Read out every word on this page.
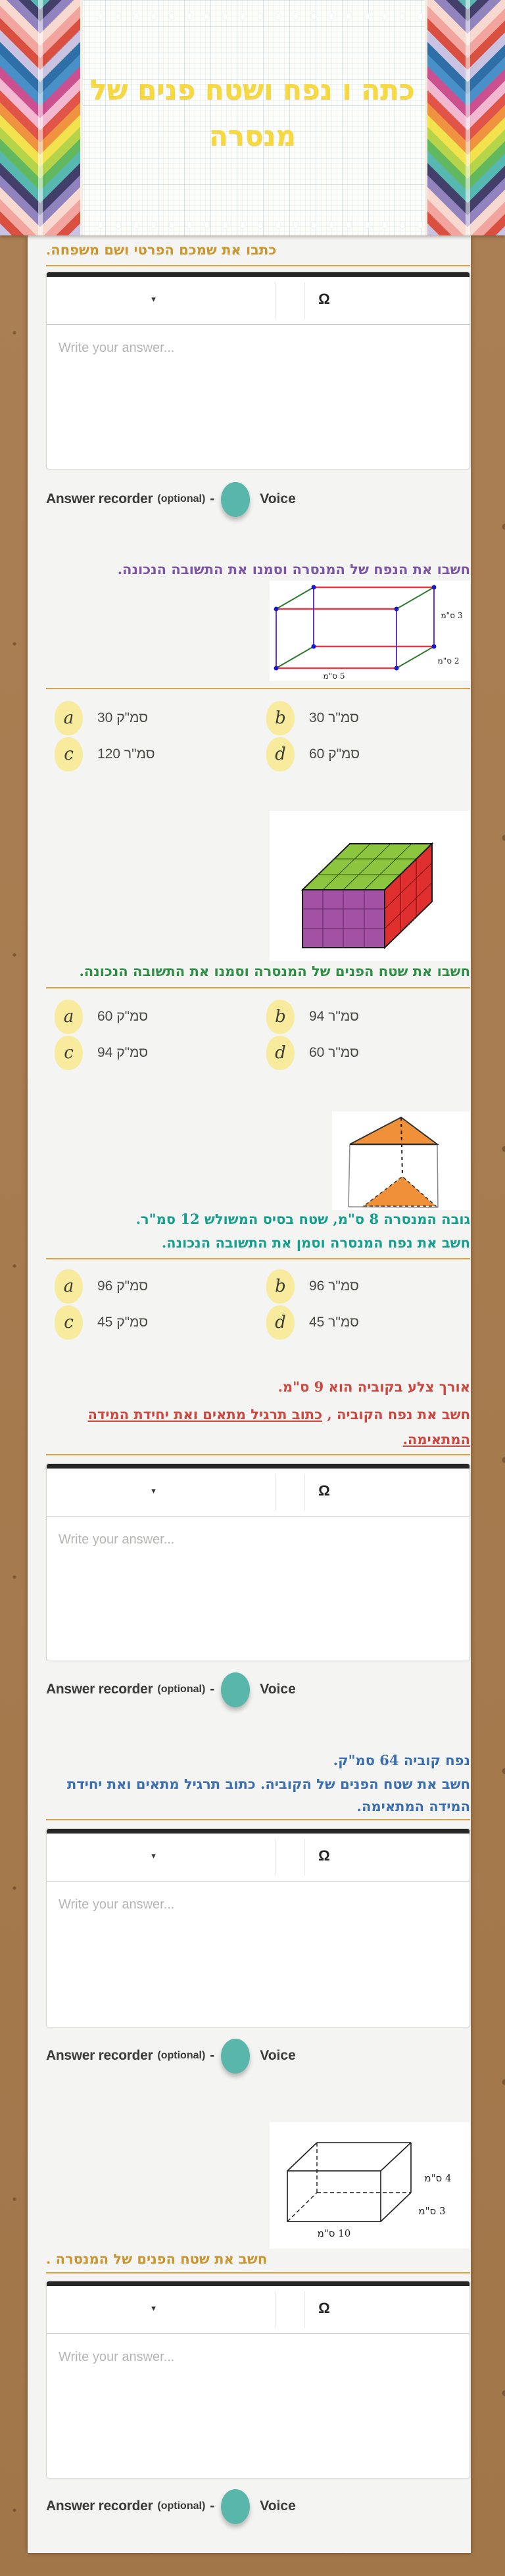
כתה ו נפח ושטח פנים של
מנסרה
כתבו את שמכם הפרטי ושם משפחה.
▾	Ω
Write your answer...
Answer recorder (optional) -	Voice
חשבו את הנפח של המנסרה וסמנו את התשובה הנכונה.
3 ס"מ
2 ס"מ
5 ס"מ
a 30 סמ"ק	b 30 סמ"ר
c 120 סמ"ר	d 60 סמ"ק
חשבו את שטח הפנים של המנסרה וסמנו את התשובה הנכונה.
a 60 סמ"ק	b 94 סמ"ר
c 94 סמ"ק	d 60 סמ"ר
גובה המנסרה 8 ס"מ, שטח בסיס המשולש 12 סמ"ר.
חשב את נפח המנסרה וסמן את התשובה הנכונה.
a 96 סמ"ק	b 96 סמ"ר
c 45 סמ"ק	d 45 סמ"ר
אורך צלע בקוביה הוא 9 ס"מ.
חשב את נפח הקוביה , כתוב תרגיל מתאים ואת יחידת המידה
המתאימה.
▾	Ω
Write your answer...
Answer recorder (optional) -	Voice
נפח קוביה 64 סמ"ק.
חשב את שטח הפנים של הקוביה. כתוב תרגיל מתאים ואת יחידת
המידה המתאימה.
▾	Ω
Write your answer...
Answer recorder (optional) -	Voice
4 ס"מ
3 ס"מ
10 ס"מ
חשב את שטח הפנים של המנסרה .
▾	Ω
Write your answer...
Answer recorder (optional) -	Voice
